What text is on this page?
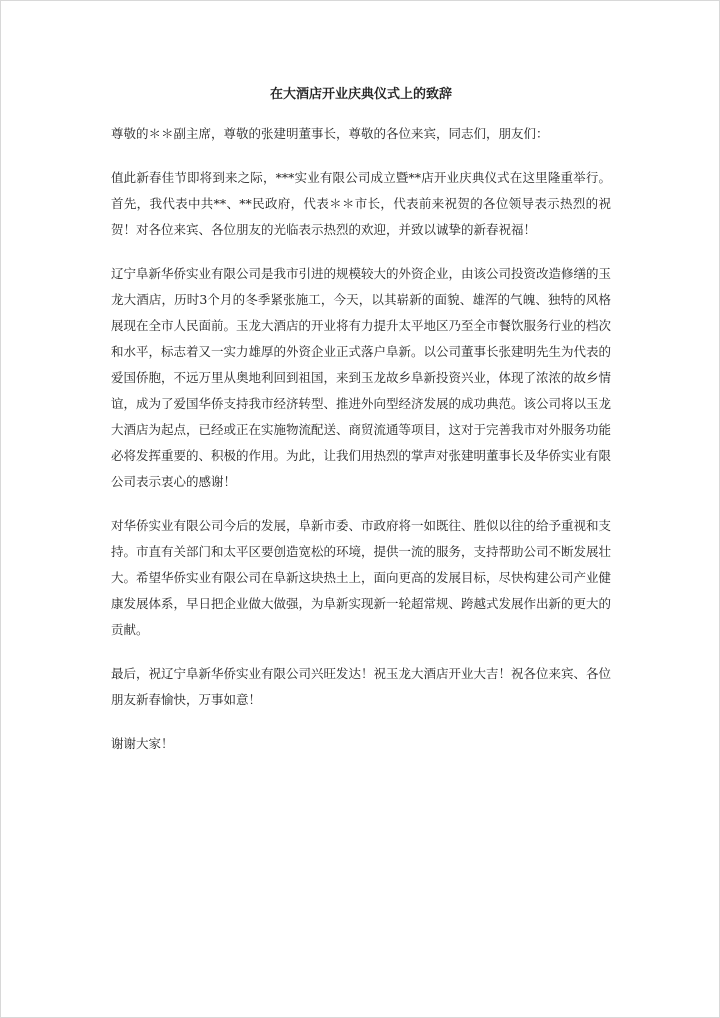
在大酒店开业庆典仪式上的致辞

尊敬的＊＊副主席，尊敬的张建明董事长，尊敬的各位来宾，同志们，朋友们：

值此新春佳节即将到来之际，***实业有限公司成立暨**店开业庆典仪式在这里隆重举行。首先，我代表中共**、**民政府，代表＊＊市长，代表前来祝贺的各位领导表示热烈的祝贺！对各位来宾、各位朋友的光临表示热烈的欢迎，并致以诚挚的新春祝福！

辽宁阜新华侨实业有限公司是我市引进的规模较大的外资企业，由该公司投资改造修缮的玉龙大酒店，历时3个月的冬季紧张施工，今天，以其崭新的面貌、雄浑的气魄、独特的风格展现在全市人民面前。玉龙大酒店的开业将有力提升太平地区乃至全市餐饮服务行业的档次和水平，标志着又一实力雄厚的外资企业正式落户阜新。以公司董事长张建明先生为代表的爱国侨胞，不远万里从奥地利回到祖国，来到玉龙故乡阜新投资兴业，体现了浓浓的故乡情谊，成为了爱国华侨支持我市经济转型、推进外向型经济发展的成功典范。该公司将以玉龙大酒店为起点，已经或正在实施物流配送、商贸流通等项目，这对于完善我市对外服务功能必将发挥重要的、积极的作用。为此，让我们用热烈的掌声对张建明董事长及华侨实业有限公司表示衷心的感谢！

对华侨实业有限公司今后的发展，阜新市委、市政府将一如既往、胜似以往的给予重视和支持。市直有关部门和太平区要创造宽松的环境，提供一流的服务，支持帮助公司不断发展壮大。希望华侨实业有限公司在阜新这块热土上，面向更高的发展目标，尽快构建公司产业健康发展体系，早日把企业做大做强，为阜新实现新一轮超常规、跨越式发展作出新的更大的贡献。

最后，祝辽宁阜新华侨实业有限公司兴旺发达！祝玉龙大酒店开业大吉！祝各位来宾、各位朋友新春愉快，万事如意！

谢谢大家！
